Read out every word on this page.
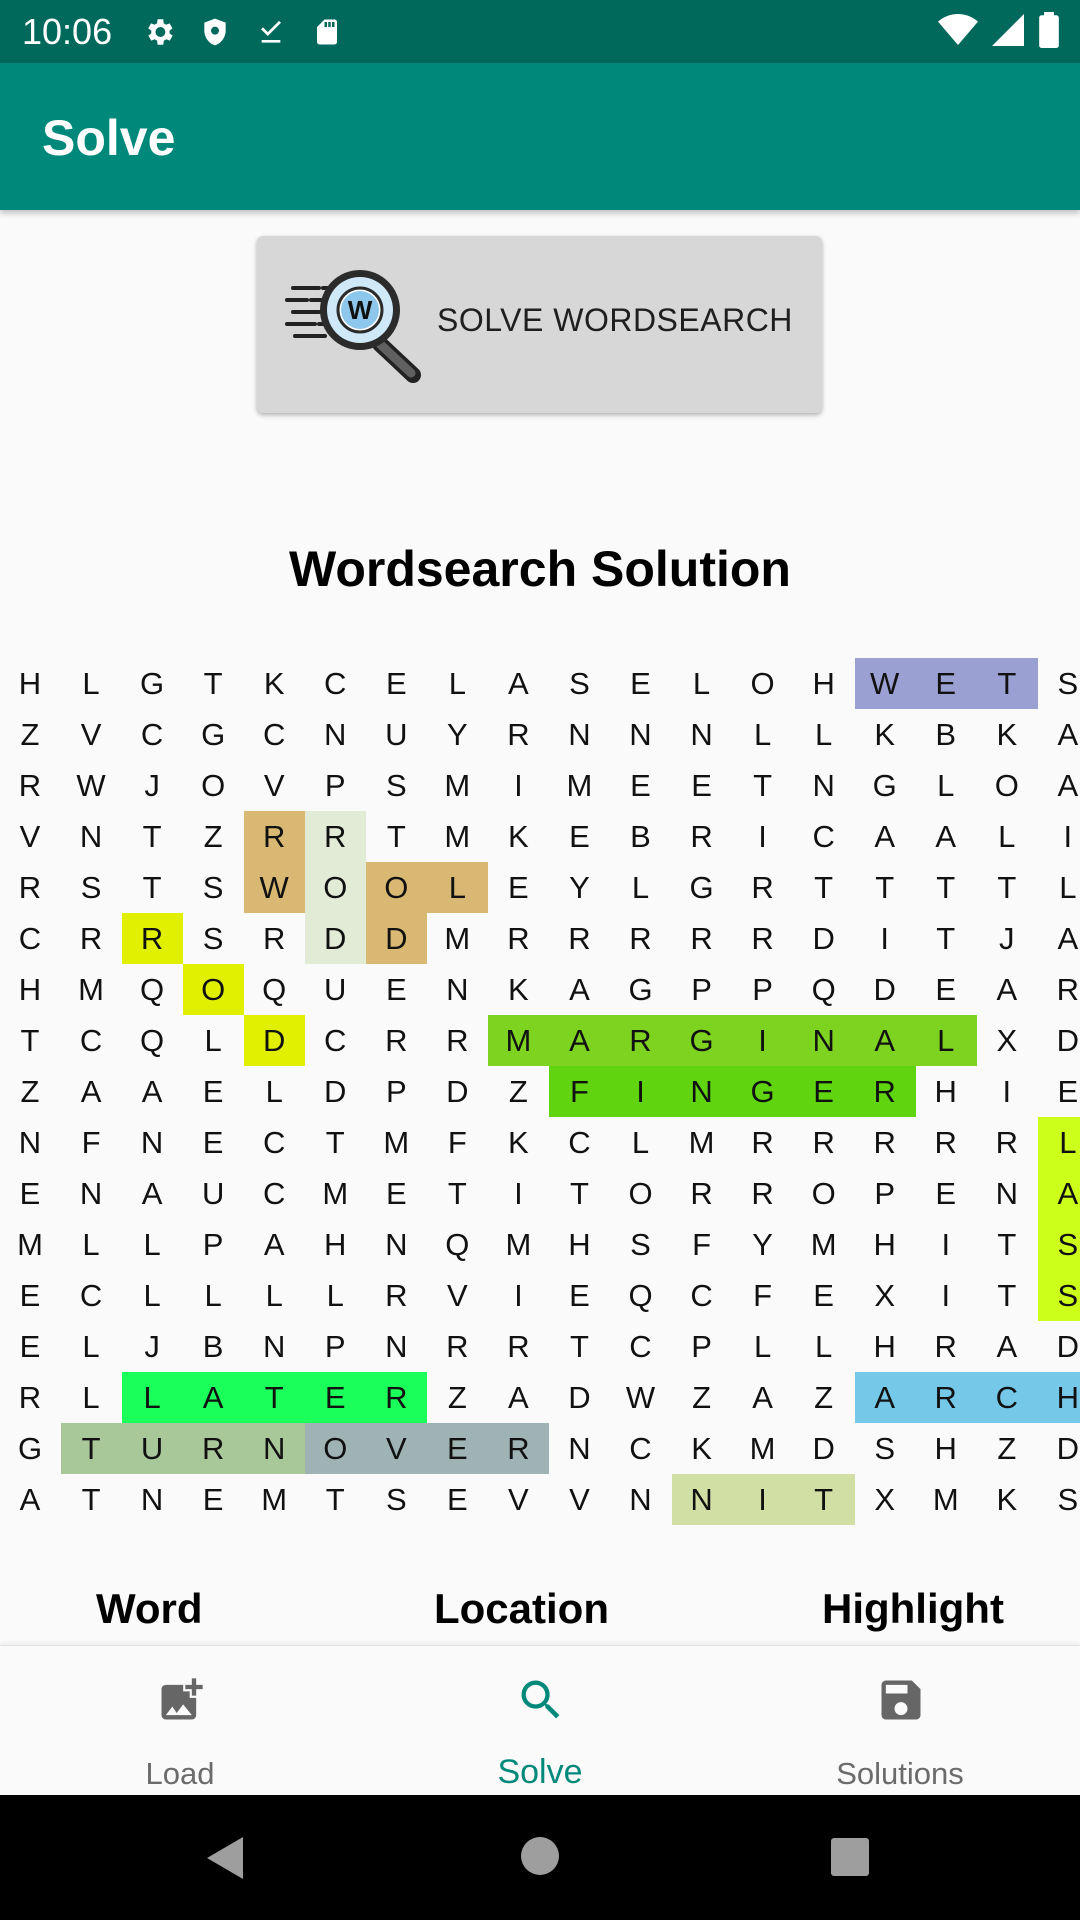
10:06
Solve
W SOLVE WORDSEARCH
Wordsearch Solution
H	L	G	T	K	C	E	L	A	S	E	L	O	H	W	E	T	S
Z	V	C	G	C	N	U	Y	R	N	N	N	L	L	K	B	K	A
R	W	J	O	V	P	S	M	I	M	E	E	T	N	G	L	O	A
V	N	T	Z	R	R	T	M	K	E	B	R	I	C	A	A	L	I
R	S	T	S	W	O	O	L	E	Y	L	G	R	T	T	T	T	L
C	R	R	S	R	D	D	M	R	R	R	R	R	D	I	T	J	A
H	M	Q	O	Q	U	E	N	K	A	G	P	P	Q	D	E	A	R
T	C	Q	L	D	C	R	R	M	A	R	G	I	N	A	L	X	D
Z	A	A	E	L	D	P	D	Z	F	I	N	G	E	R	H	I	E
N	F	N	E	C	T	M	F	K	C	L	M	R	R	R	R	R	L
E	N	A	U	C	M	E	T	I	T	O	R	R	O	P	E	N	A
M	L	L	P	A	H	N	Q	M	H	S	F	Y	M	H	I	T	S
E	C	L	L	L	L	R	V	I	E	Q	C	F	E	X	I	T	S
E	L	J	B	N	P	N	R	R	T	C	P	L	L	H	R	A	D
R	L	L	A	T	E	R	Z	A	D	W	Z	A	Z	A	R	C	H
G	T	U	R	N	O	V	E	R	N	C	K	M	D	S	H	Z	D
A	T	N	E	M	T	S	E	V	V	N	N	I	T	X	M	K	S
Word	Location	Highlight
Load	Solve	Solutions
